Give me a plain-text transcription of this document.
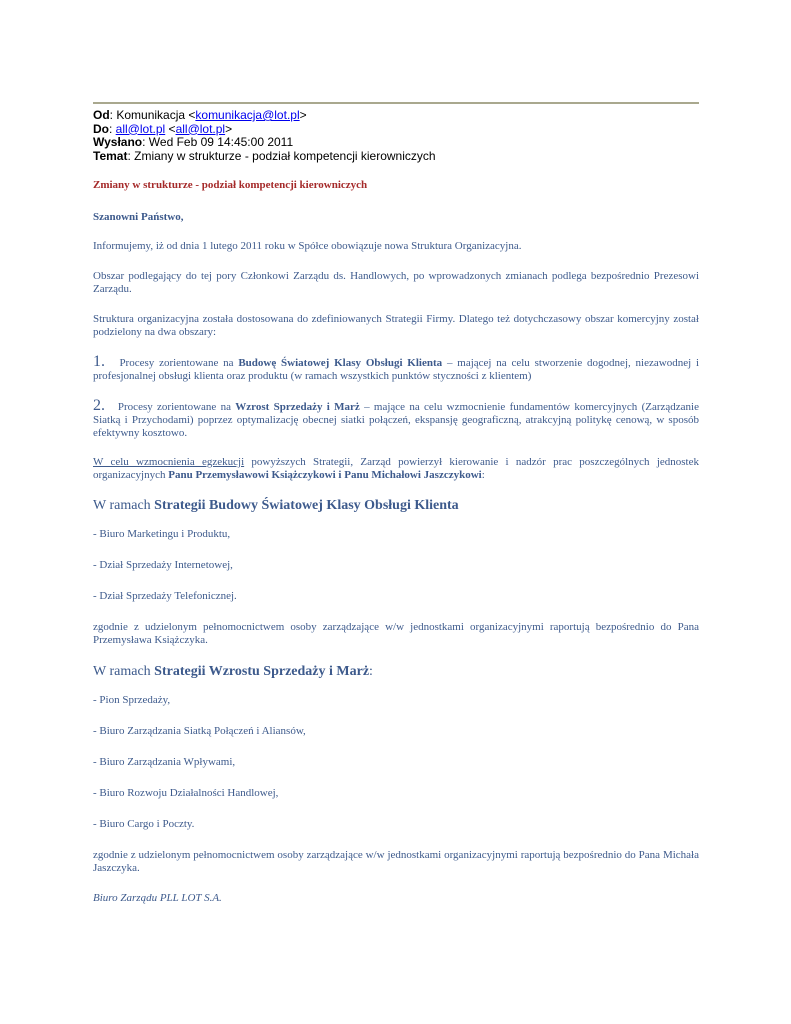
Od: Komunikacja <komunikacja@lot.pl>
Do: all@lot.pl <all@lot.pl>
Wysłano: Wed Feb 09 14:45:00 2011
Temat: Zmiany w strukturze - podział kompetencji kierowniczych

Zmiany w strukturze - podział kompetencji kierowniczych

Szanowni Państwo,

Informujemy, iż od dnia 1 lutego 2011 roku w Spółce obowiązuje nowa Struktura Organizacyjna.

Obszar podlegający do tej pory Członkowi Zarządu ds. Handlowych, po wprowadzonych zmianach podlega bezpośrednio Prezesowi Zarządu.

Struktura organizacyjna została dostosowana do zdefiniowanych Strategii Firmy. Dlatego też dotychczasowy obszar komercyjny został podzielony na dwa obszary:

1. Procesy zorientowane na Budowę Światowej Klasy Obsługi Klienta – mającej na celu stworzenie dogodnej, niezawodnej i profesjonalnej obsługi klienta oraz produktu (w ramach wszystkich punktów styczności z klientem)

2. Procesy zorientowane na Wzrost Sprzedaży i Marż – mające na celu wzmocnienie fundamentów komercyjnych (Zarządzanie Siatką i Przychodami) poprzez optymalizację obecnej siatki połączeń, ekspansję geograficzną, atrakcyjną politykę cenową, w sposób efektywny kosztowo.

W celu wzmocnienia egzekucji powyższych Strategii, Zarząd powierzył kierowanie i nadzór prac poszczególnych jednostek organizacyjnych Panu Przemysławowi Książczykowi i Panu Michałowi Jaszczykowi:

W ramach Strategii Budowy Światowej Klasy Obsługi Klienta

- Biuro Marketingu i Produktu,

- Dział Sprzedaży Internetowej,

- Dział Sprzedaży Telefonicznej.

zgodnie z udzielonym pełnomocnictwem osoby zarządzające w/w jednostkami organizacyjnymi raportują bezpośrednio do Pana Przemysława Książczyka.

W ramach Strategii Wzrostu Sprzedaży i Marż:

- Pion Sprzedaży,

- Biuro Zarządzania Siatką Połączeń i Aliansów,

- Biuro Zarządzania Wpływami,

- Biuro Rozwoju Działalności Handlowej,

- Biuro Cargo i Poczty.

zgodnie z udzielonym pełnomocnictwem osoby zarządzające w/w jednostkami organizacyjnymi raportują bezpośrednio do Pana Michała Jaszczyka.

Biuro Zarządu PLL LOT S.A.
